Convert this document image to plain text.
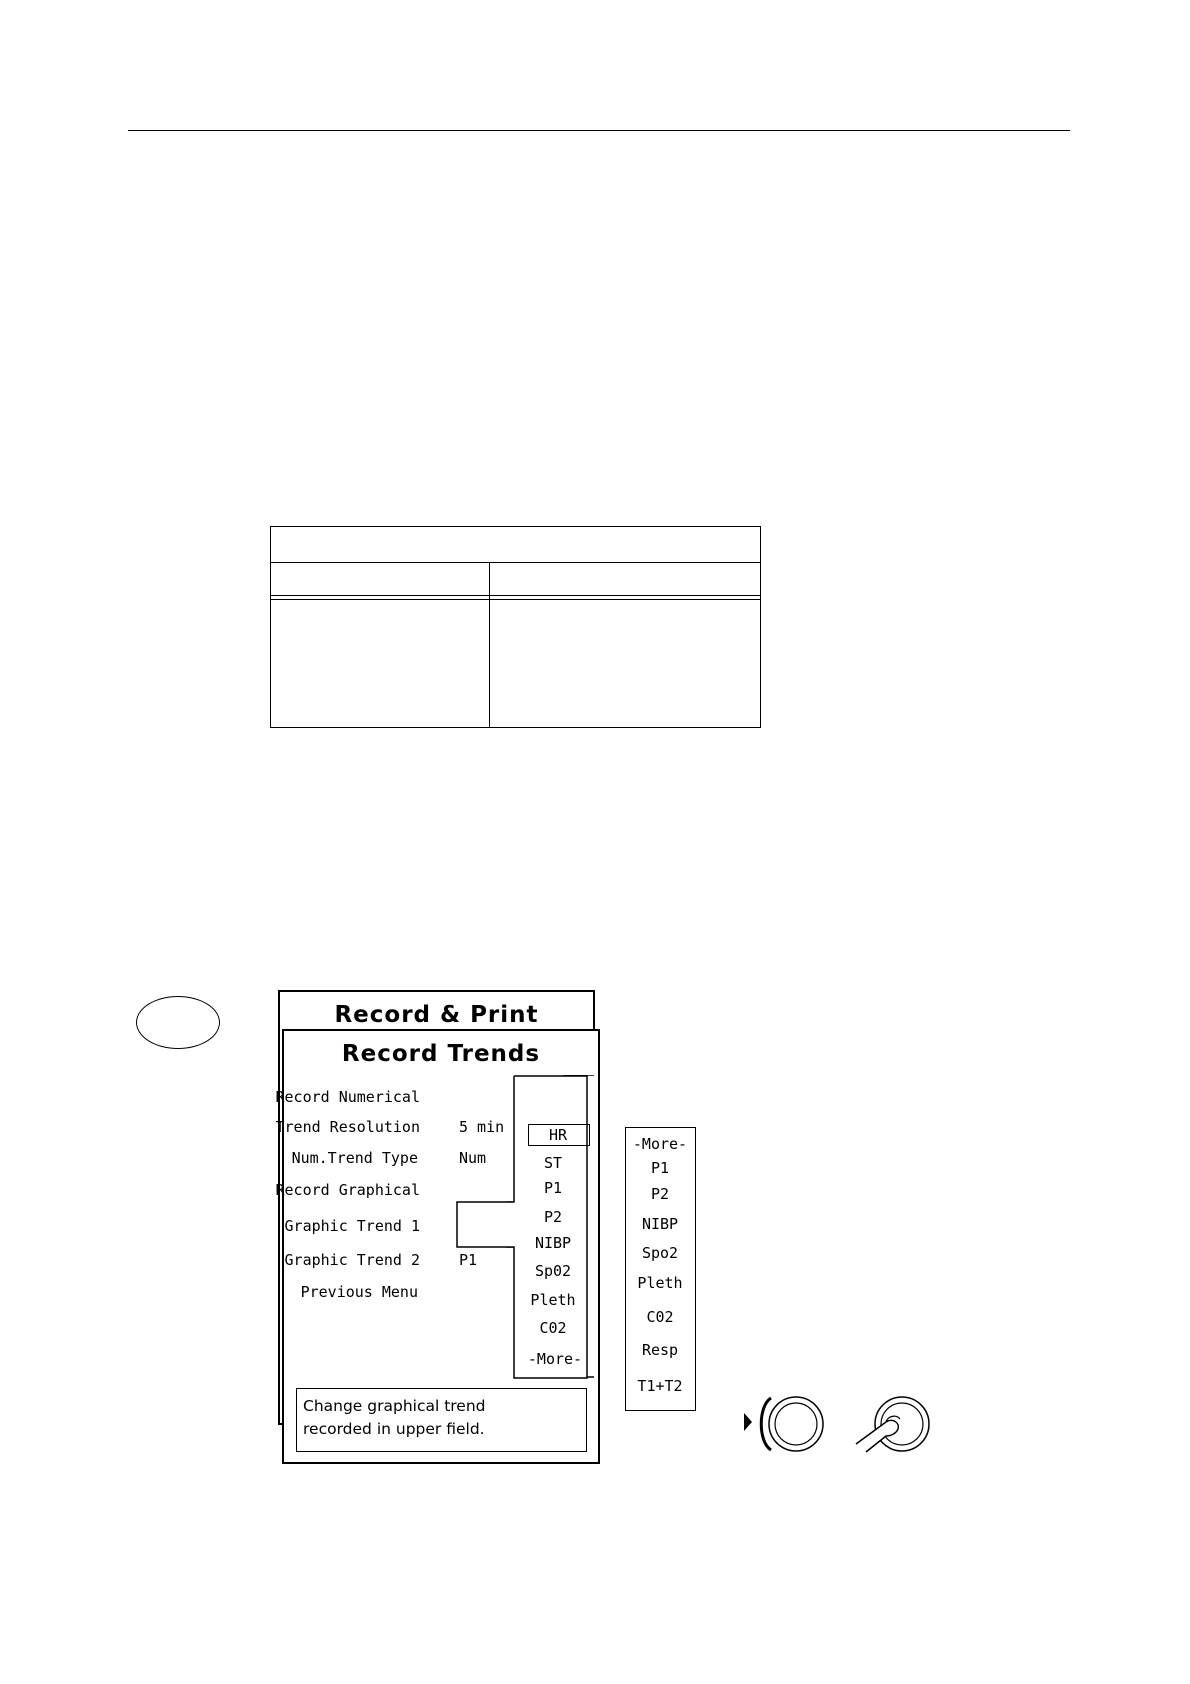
Record & Print
Record Trends
Record Numerical
Trend Resolution	5 min
Num.Trend Type	Num
Record Graphical
Graphic Trend 1
Graphic Trend 2	P1
Previous Menu
HR
ST
P1
P2
NIBP
Sp02
Pleth
C02
-More-
Change graphical trend
recorded in upper field.
-More-
P1
P2
NIBP
Spo2
Pleth
C02
Resp
T1+T2
